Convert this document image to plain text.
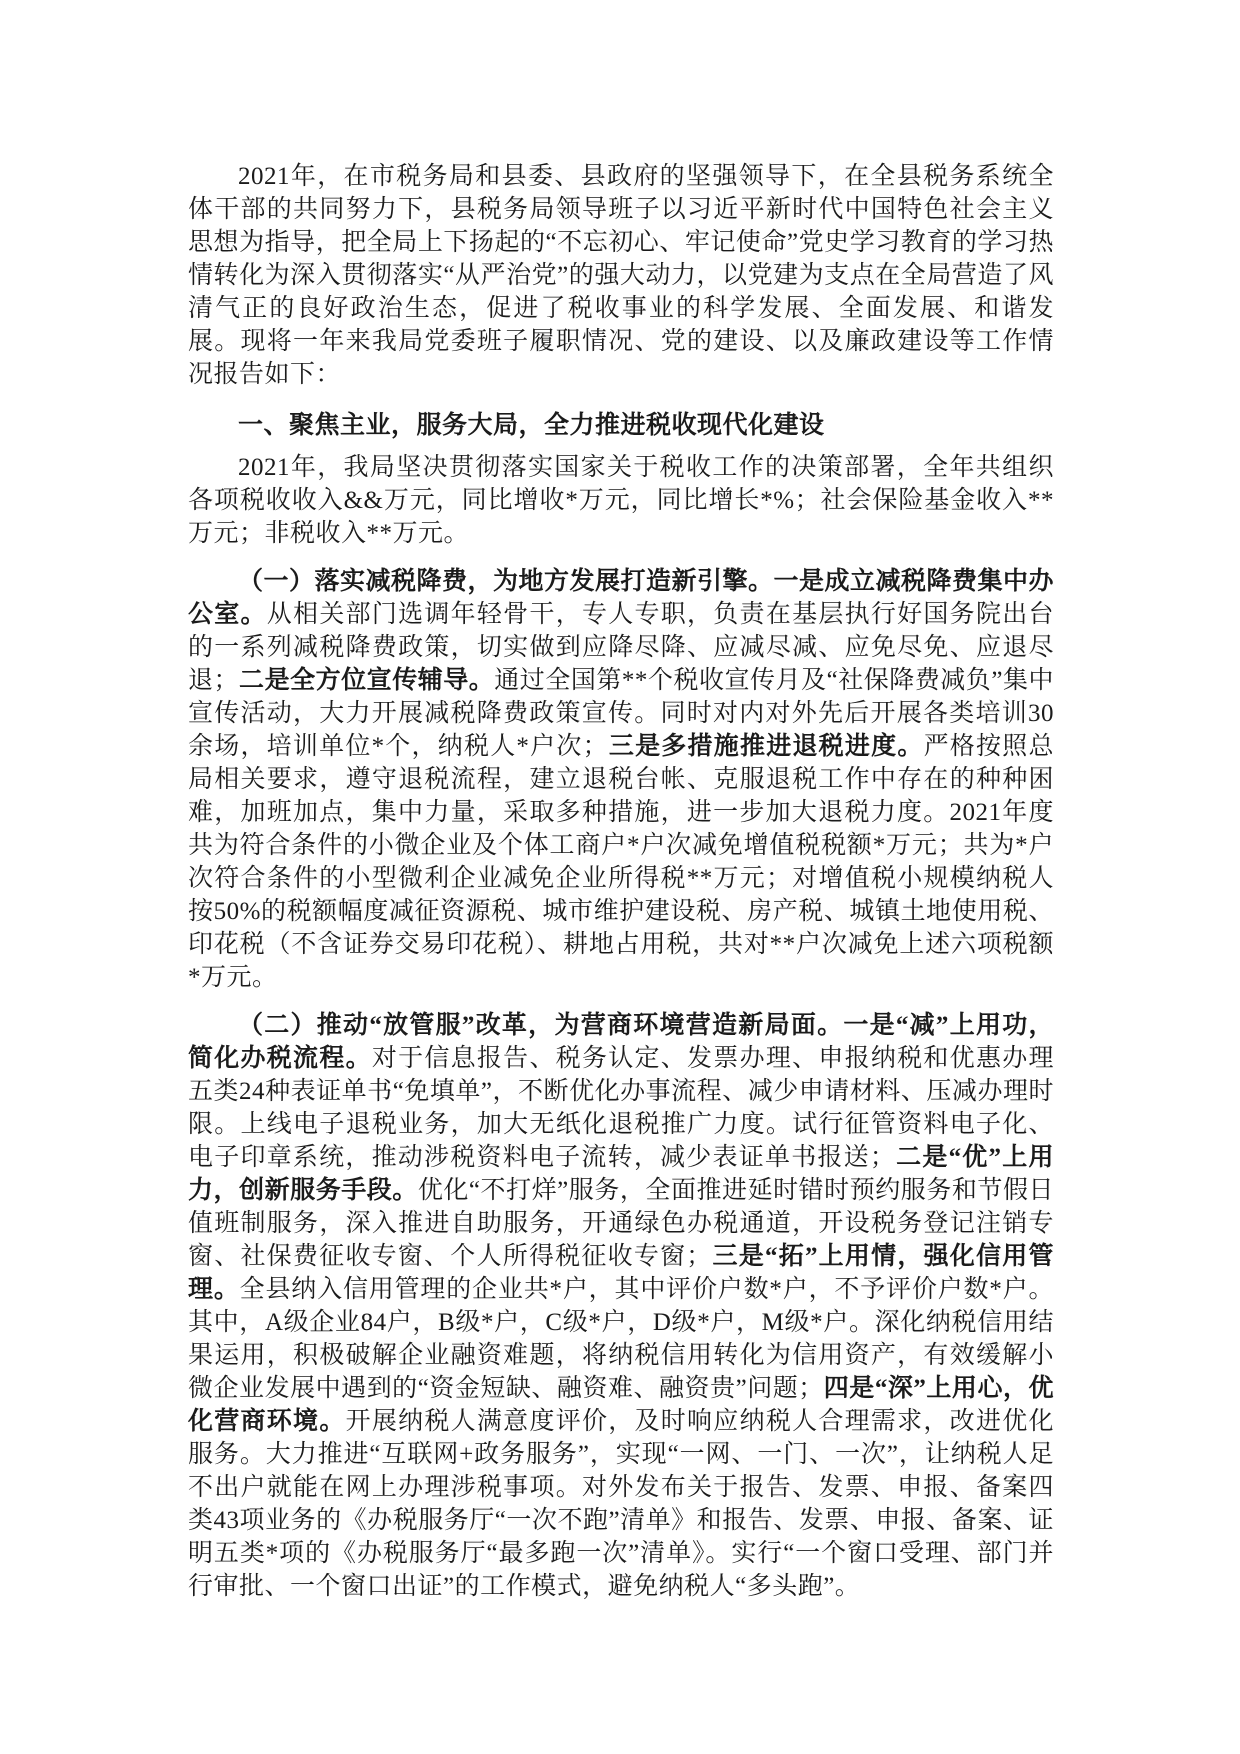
2021年，在市税务局和县委、县政府的坚强领导下，在全县税务系统全体干部的共同努力下，县税务局领导班子以习近平新时代中国特色社会主义思想为指导，把全局上下扬起的“不忘初心、牢记使命”党史学习教育的学习热情转化为深入贯彻落实“从严治党”的强大动力，以党建为支点在全局营造了风清气正的良好政治生态，促进了税收事业的科学发展、全面发展、和谐发展。现将一年来我局党委班子履职情况、党的建设、以及廉政建设等工作情况报告如下：

一、聚焦主业，服务大局，全力推进税收现代化建设

2021年，我局坚决贯彻落实国家关于税收工作的决策部署，全年共组织各项税收收入&&万元，同比增收*万元，同比增长*%；社会保险基金收入**万元；非税收入**万元。

（一）落实减税降费，为地方发展打造新引擎。一是成立减税降费集中办公室。从相关部门选调年轻骨干，专人专职，负责在基层执行好国务院出台的一系列减税降费政策，切实做到应降尽降、应减尽减、应免尽免、应退尽退；二是全方位宣传辅导。通过全国第**个税收宣传月及“社保降费减负”集中宣传活动，大力开展减税降费政策宣传。同时对内对外先后开展各类培训30余场，培训单位*个，纳税人*户次；三是多措施推进退税进度。严格按照总局相关要求，遵守退税流程，建立退税台帐、克服退税工作中存在的种种困难，加班加点，集中力量，采取多种措施，进一步加大退税力度。2021年度共为符合条件的小微企业及个体工商户*户次减免增值税税额*万元；共为*户次符合条件的小型微利企业减免企业所得税**万元；对增值税小规模纳税人按50%的税额幅度减征资源税、城市维护建设税、房产税、城镇土地使用税、印花税（不含证券交易印花税）、耕地占用税，共对**户次减免上述六项税额*万元。

（二）推动“放管服”改革，为营商环境营造新局面。一是“减”上用功，简化办税流程。对于信息报告、税务认定、发票办理、申报纳税和优惠办理五类24种表证单书“免填单”，不断优化办事流程、减少申请材料、压减办理时限。上线电子退税业务，加大无纸化退税推广力度。试行征管资料电子化、电子印章系统，推动涉税资料电子流转，减少表证单书报送；二是“优”上用力，创新服务手段。优化“不打烊”服务，全面推进延时错时预约服务和节假日值班制服务，深入推进自助服务，开通绿色办税通道，开设税务登记注销专窗、社保费征收专窗、个人所得税征收专窗；三是“拓”上用情，强化信用管理。全县纳入信用管理的企业共*户，其中评价户数*户，不予评价户数*户。其中，A级企业84户，B级*户，C级*户，D级*户，M级*户。深化纳税信用结果运用，积极破解企业融资难题，将纳税信用转化为信用资产，有效缓解小微企业发展中遇到的“资金短缺、融资难、融资贵”问题；四是“深”上用心，优化营商环境。开展纳税人满意度评价，及时响应纳税人合理需求，改进优化服务。大力推进“互联网+政务服务”，实现“一网、一门、一次”，让纳税人足不出户就能在网上办理涉税事项。对外发布关于报告、发票、申报、备案四类43项业务的《办税服务厅“一次不跑”清单》和报告、发票、申报、备案、证明五类*项的《办税服务厅“最多跑一次”清单》。实行“一个窗口受理、部门并行审批、一个窗口出证”的工作模式，避免纳税人“多头跑”。
